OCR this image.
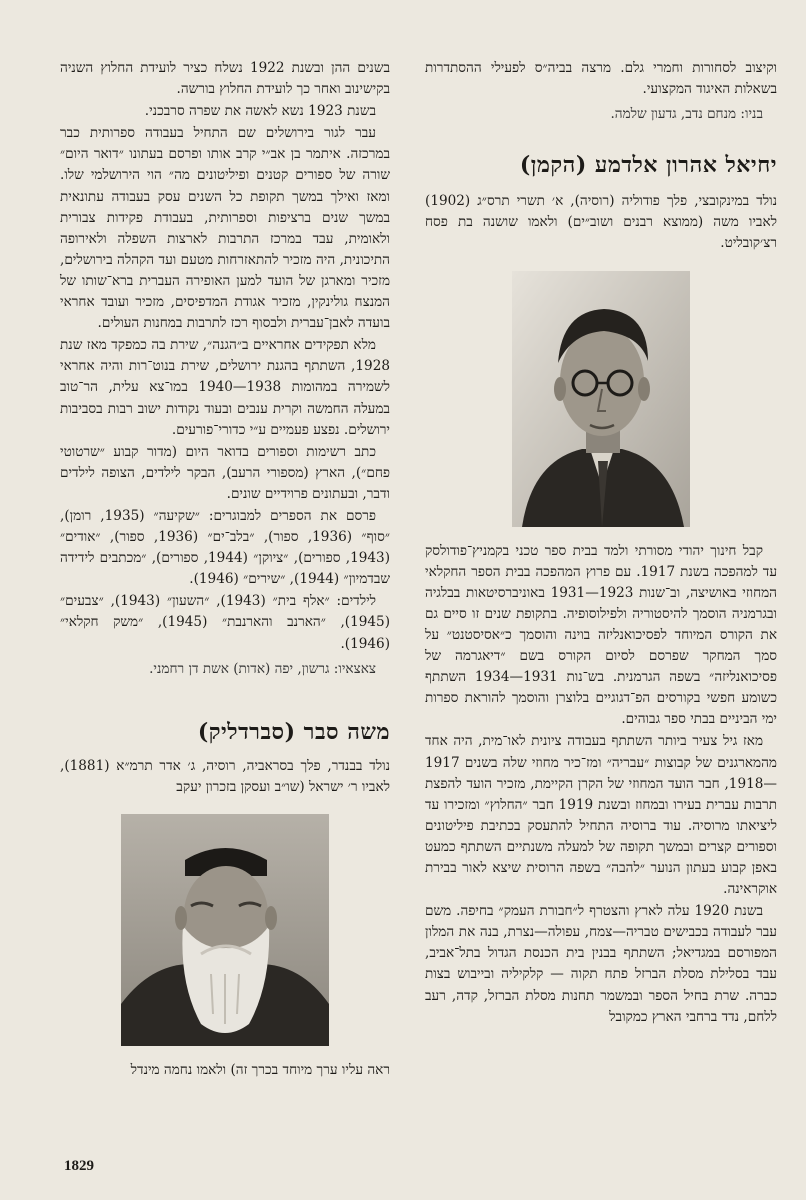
וקיצוב לסחורות וחמרי גלם. מרצה בביה״ס לפעילי ההסתדרות בשאלות האיגוד המקצועי.

בניו: מנחם נדב, גדעון שלמה.

יחיאל אהרון אלדמע (הקמן)

נולד במינקובצי, פלך פודוליה (רוסיה), א׳ תשרי תרס״ג (1902) לאביו משה (ממוצא רבנים ושוב״ים) ולאמו שושנה בת פסח רצ׳קובליט.

קבל חינוך יהודי מסורתי ולמד בבית ספר טכני בקמניץ־פודולסק עד למהפכה בשנת 1917. עם פרוץ המהפכה בבית הספר החקלאי המחוזי באושיצה, וב־שנות 1923—1931 באוניברסיטאות בבלגיה ובגרמניה הוסמך להיסטוריה ולפילוסופיה. בתקופת שנים זו סיים גם את הקורס המיוחד לפסיכואנליזה בוינה והוסמך כ״אסיסטנט״ על סמך המחקר שפרסם לסיום הקורס בשם ״דיאגרמה של פסיכואנליזה״ בשפה הגרמנית. בש־נות 1931—1934 השתתף כשומע חפשי בקורסים הפ־דגוגיים בלוצרן והוסמך להוראת ספרות ימי הביניים בבתי ספר גבוהים.

מאז גיל צעיר ביותר השתתף בעבודה ציונית לאו־מית, היה אחד מהמארגנים של קבוצות ״עבריה״ ומז־כיר מחוזי שלה בשנים 1917—1918, חבר הועד המחוזי של הקרן הקיימת, מזכיר הועד להפצת תרבות עברית בעירו ובמחוז ובשנת 1919 חבר ״החלוץ״ ומזכירו עד ליציאתו מרוסיה. עוד ברוסיה התחיל להתעסק בכתיבת פיליטונים וספורים קצרים ובמשך תקופה של למעלה משנתיים השתתף כמעט באפן קבוע בעתון הנוער ״להבה״ בשפה הרוסית שיצא לאור בבירת אוקראינה.

בשנת 1920 עלה לארץ והצטרף ל״חבורת העמק״ בחיפה. משם עבר לעבודה בכבישים טבריה—צמח, עפולה—נצרת, בנה את המלון המפורסם במגדיאל; השתתף בבנין בית הכנסת הגדול בתל־אביב, עבד בסלילת מסלת הברזל פתח תקוה — קלקיליה ובייבוש בצות כברה. שרת בחיל הספר ובמשמר תחנות מסלת הברזל, קדה, רעב ללחם, נדד ברחבי הארץ כמקובל

בשנים ההן ובשנת 1922 נשלח כציר לועידת החלוץ השניה בקישינוב ואחר כך לועידת החלוץ בורשה.

בשנת 1923 נשא לאשה את שפרה סרבכני.

עבר לגור בירושלים שם התחיל בעבודה ספרותית כבר במרכזה. איתמר בן אב״י קרב אותו ופרסם בעתונו ״דואר היום״ שורה של ספורים קטנים ופיליטונים מה״ הוי הירושלמי שלו. ומאז ואילך במשך תקופת כל השנים עסק בעבודה עתונאית במשך שנים ברציפות וספרותית, בעבודת פקידות צבורית ולאומית, עבד במרכז התרבות לארצות השפלה ולאירופה התיכונית, היה מזכיר להתאזרחות מטעם ועד הקהלה בירושלים, מזכיר ומארגן של הועד למען האופירה העברית ברא־שותו של המנצח גולינקין, מזכיר אגודת המדפיסים, מזכיר ועובד אחראי בועדה לאבן־עברית ולבסוף רכז לתרבות במחנות העולים.

מלא תפקידים אחראיים ב״הגנה״, שירת בה כמפקד מאז שנת 1928, השתתף בהגנת ירושלים, שירת בנוט־רות והיה אחראי לשמירה במהומות 1938—1940 במו־צא עלית, הר־טוב במעלה החמשה וקרית ענבים ובעוד נקודות ישוב רבות בסביבות ירושלים. נפצע פעמיים ע״י כדורי־פורעים.

כתב רשימות וספורים בדואר היום (מדור קבוע ״שרטוטי פחם״), הארץ (מספורי הרעב), הבקר לילדים, הצופה לילדים ודבר, ובעתונים פרוידיים שונים.

פרסם את הספרים למבוגרים: ״שקיעה״ (1935, רומן), ״סוף״ (1936, ספור), ״בלב־ים״ (1936, ספור), ״אודים״ (1943, ספורים), ״ציוקן״ (1944, ספורים), ״מכתבים לידידה שבדמיון״ (1944), ״שירים״ (1946).

לילדים: ״אלף בית״ (1943), ״השעון״ (1943), ״צבעים״ (1945), ״הארנב והארנבת״ (1945), ״משק חקלאי״ (1946).

צאצאיו: גרשון, יפה (אדות) אשת דן רחמני.

משה סבר (סברדליק)

נולד בבנדר, פלך בסראביה, רוסיה, ג׳ אדר תרמ״א (1881), לאביו ר׳ ישראל (שו״ב ועסקן בזכרון יעקב

ראה עליו ערך מיוחד בכרך זה) ולאמו נחמה מינדל

1829
